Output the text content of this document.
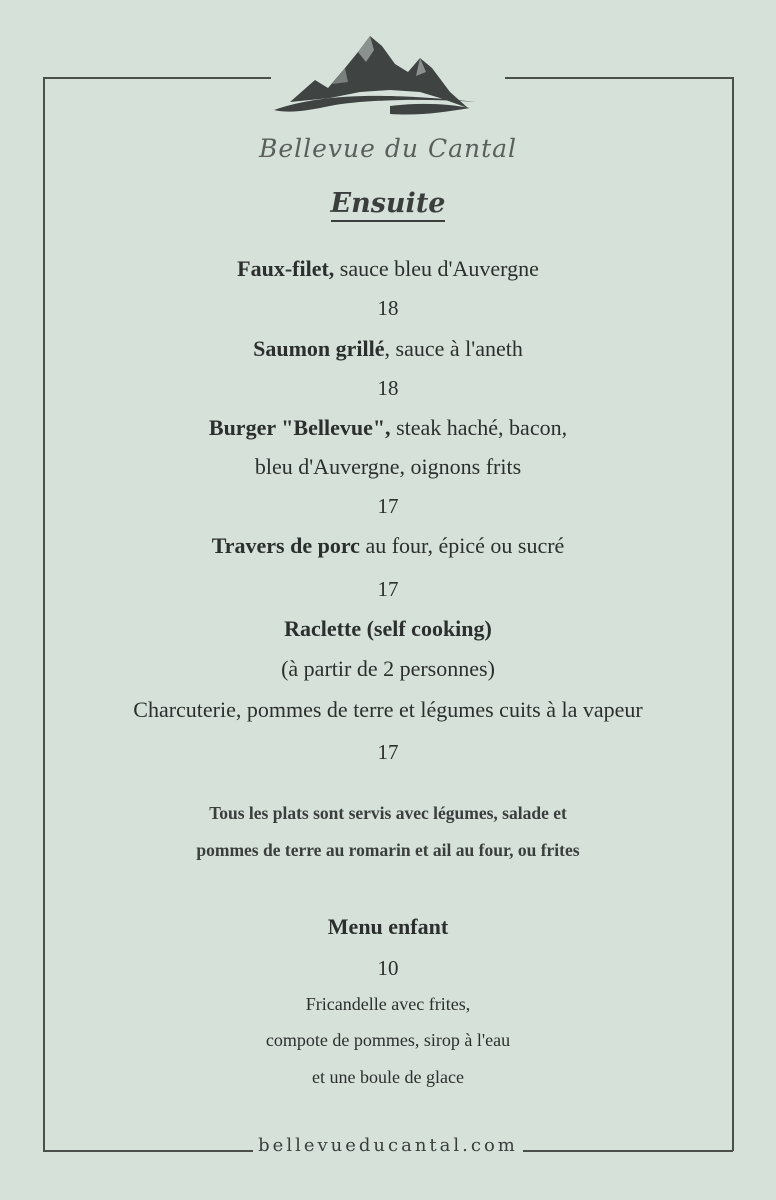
Bellevue du Cantal
Ensuite
Faux-filet, sauce bleu d'Auvergne
18
Saumon grillé, sauce à l'aneth
18
Burger "Bellevue", steak haché, bacon,
bleu d'Auvergne, oignons frits
17
Travers de porc au four, épicé ou sucré
17
Raclette (self cooking)
(à partir de 2 personnes)
Charcuterie, pommes de terre et légumes cuits à la vapeur
17
Tous les plats sont servis avec légumes, salade et
pommes de terre au romarin et ail au four, ou frites
Menu enfant
10
Fricandelle avec frites,
compote de pommes, sirop à l'eau
et une boule de glace
bellevueducantal.com
